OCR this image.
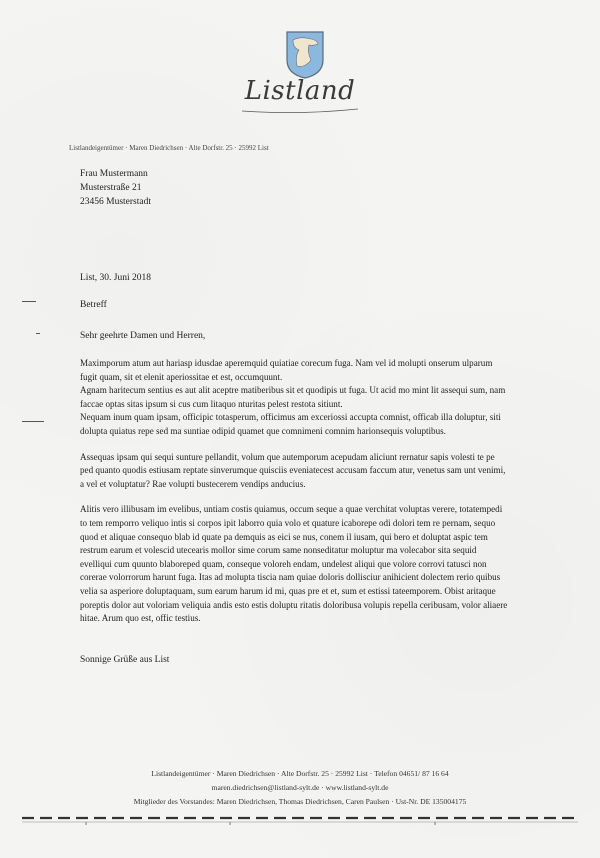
Listland
Listlandeigentümer · Maren Diedrichsen · Alte Dorfstr. 25 · 25992 List
Frau Mustermann
Musterstraße 21
23456 Musterstadt
List, 30. Juni 2018
Betreff
Sehr geehrte Damen und Herren,
Maximporum atum aut hariasp idusdae aperemquid quiatiae corecum fuga. Nam vel id molupti onserum ulparum fugit quam, sit et elenit aperiossitae et est, occumquunt.
Agnam haritecum sentius es aut alit aceptre matiberibus sit et quodipis ut fuga. Ut acid mo mint lit assequi sum, nam faccae optas sitas ipsum si cus cum litaquo nturitas pelest restota sitiunt.
Nequam inum quam ipsam, officipic totasperum, officimus am exceriossi accupta comnist, officab illa doluptur, siti dolupta quiatus repe sed ma suntiae odipid quamet que comnimeni comnim harionsequis voluptibus.

Assequas ipsam qui sequi sunture pellandit, volum que autemporum acepudam aliciunt rernatur sapis volesti te pe ped quanto quodis estiusam reptate sinverumque quisciis eveniatecest accusam faccum atur, venetus sam unt venimi, a vel et voluptatur? Rae volupti bustecerem vendips anducius.

Alitis vero illibusam im evelibus, untiam costis quiamus, occum seque a quae verchitat voluptas verere, totatempedi to tem remporro veliquo intis si corpos ipit laborro quia volo et quature icaborepe odi dolori tem re pernam, sequo quod et aliquae consequo blab id quate pa demquis as eici se nus, conem il iusam, qui bero et doluptat aspic tem restrum earum et volescid utecearis mollor sime corum same nonseditatur moluptur ma volecabor sita sequid evelliqui cum quunto blaboreped quam, conseque voloreh endam, undelest aliqui que volore corrovi tatusci non corerae volorrorum harunt fuga. Itas ad molupta tiscia nam quiae doloris dollisciur anihicient dolectem rerio quibus velia sa asperiore doluptaquam, sum earum harum id mi, quas pre et et, sum et estissi tateemporem. Obist aritaque poreptis dolor aut voloriam veliquia andis esto estis doluptu ritatis doloribusa volupis repella ceribusam, volor aliaere hitae. Arum quo est, offic testius.

Sonnige Grüße aus List
Listlandeigentümer · Maren Diedrichsen · Alte Dorfstr. 25 · 25992 List · Telefon 04651/ 87 16 64
maren.diedrichsen@listland-sylt.de · www.listland-sylt.de
Mitglieder des Vorstandes: Maren Diedrichsen, Thomas Diedrichsen, Caren Paulsen · Ust-Nr. DE 135004175
